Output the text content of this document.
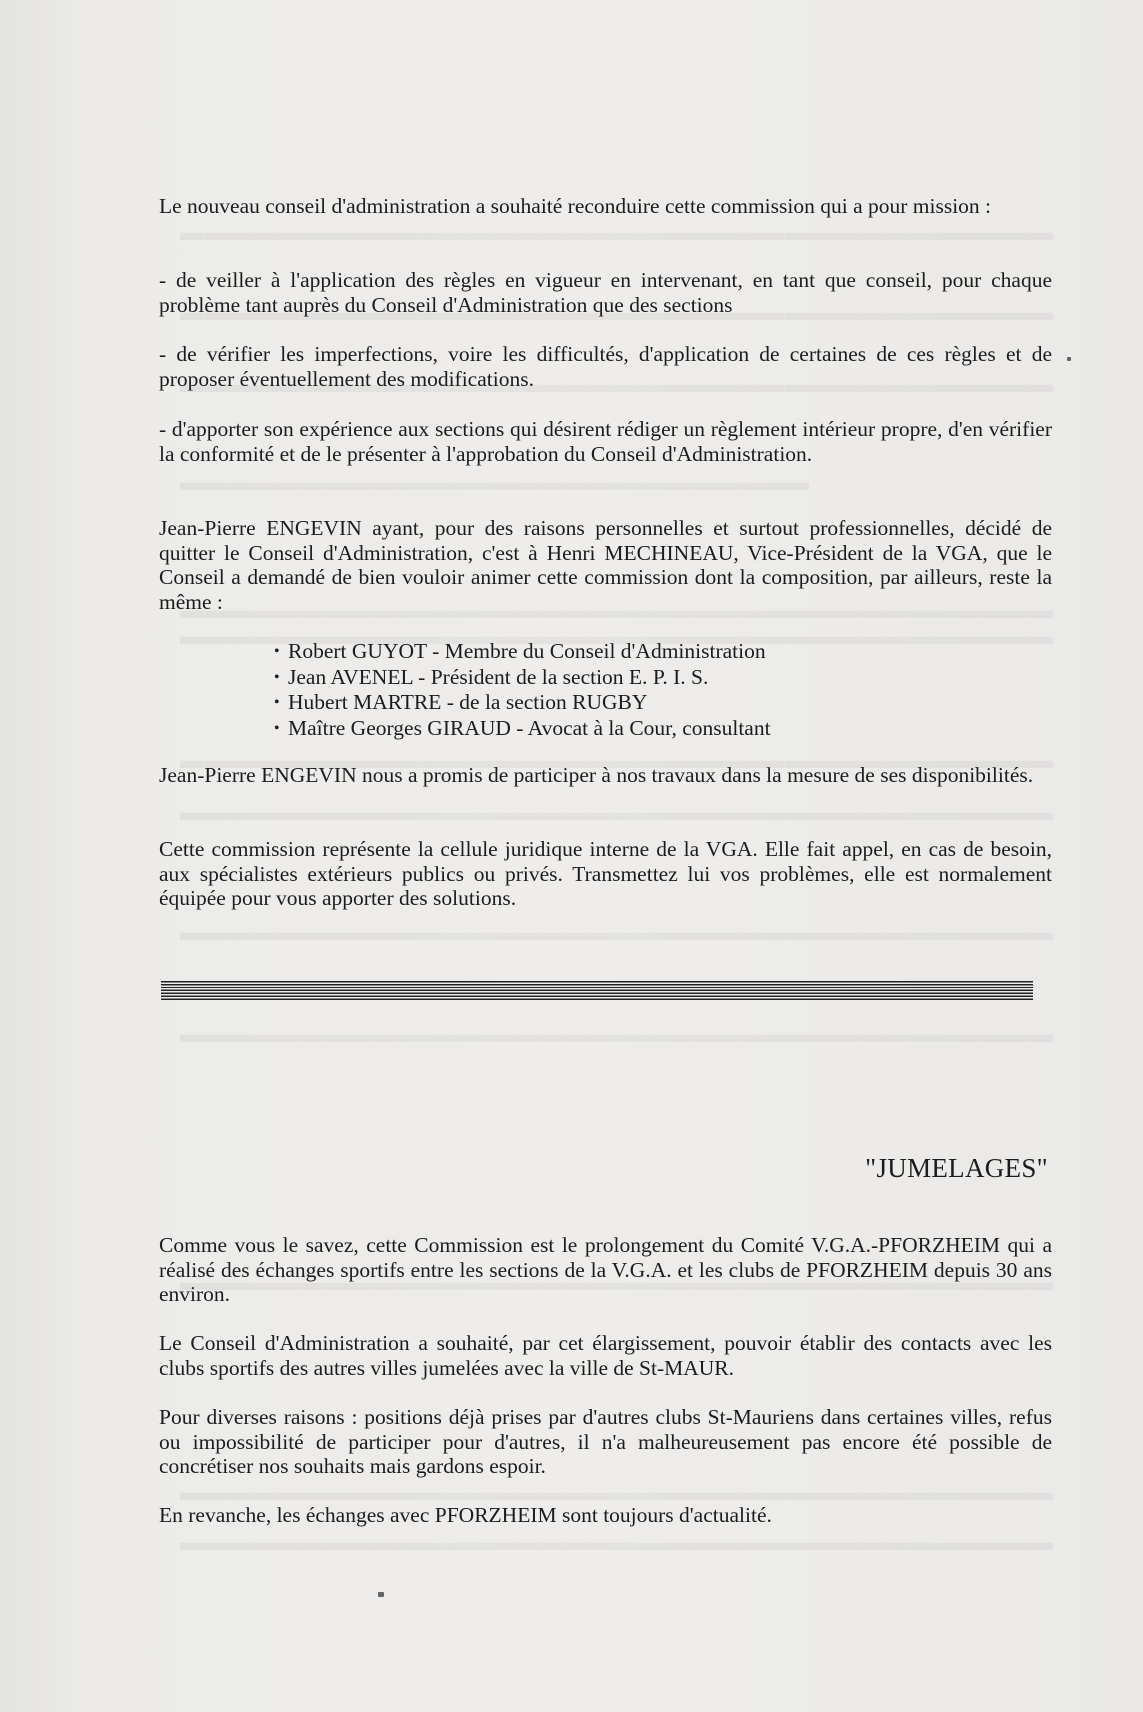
Le nouveau conseil d'administration a souhaité reconduire cette commission qui a pour mission :

- de veiller à l'application des règles en vigueur en intervenant, en tant que conseil, pour chaque problème tant auprès du Conseil d'Administration que des sections

- de vérifier les imperfections, voire les difficultés, d'application de certaines de ces règles et de proposer éventuellement des modifications.

- d'apporter son expérience aux sections qui désirent rédiger un règlement intérieur propre, d'en vérifier la conformité et de le présenter à l'approbation du Conseil d'Administration.

Jean-Pierre ENGEVIN ayant, pour des raisons personnelles et surtout professionnelles, décidé de quitter le Conseil d'Administration, c'est à Henri MECHINEAU, Vice-Président de la VGA, que le Conseil a demandé de bien vouloir animer cette commission dont la composition, par ailleurs, reste la même :

• Robert GUYOT - Membre du Conseil d'Administration
• Jean AVENEL - Président de la section E. P. I. S.
• Hubert MARTRE - de la section RUGBY
• Maître Georges GIRAUD - Avocat à la Cour, consultant

Jean-Pierre ENGEVIN nous a promis de participer à nos travaux dans la mesure de ses disponibilités.

Cette commission représente la cellule juridique interne de la VGA. Elle fait appel, en cas de besoin, aux spécialistes extérieurs publics ou privés. Transmettez lui vos problèmes, elle est normalement équipée pour vous apporter des solutions.

"JUMELAGES"

Comme vous le savez, cette Commission est le prolongement du Comité V.G.A.-PFORZHEIM qui a réalisé des échanges sportifs entre les sections de la V.G.A. et les clubs de PFORZHEIM depuis 30 ans environ.

Le Conseil d'Administration a souhaité, par cet élargissement, pouvoir établir des contacts avec les clubs sportifs des autres villes jumelées avec la ville de St-MAUR.

Pour diverses raisons : positions déjà prises par d'autres clubs St-Mauriens dans certaines villes, refus ou impossibilité de participer pour d'autres, il n'a malheureusement pas encore été possible de concrétiser nos souhaits mais gardons espoir.

En revanche, les échanges avec PFORZHEIM sont toujours d'actualité.
